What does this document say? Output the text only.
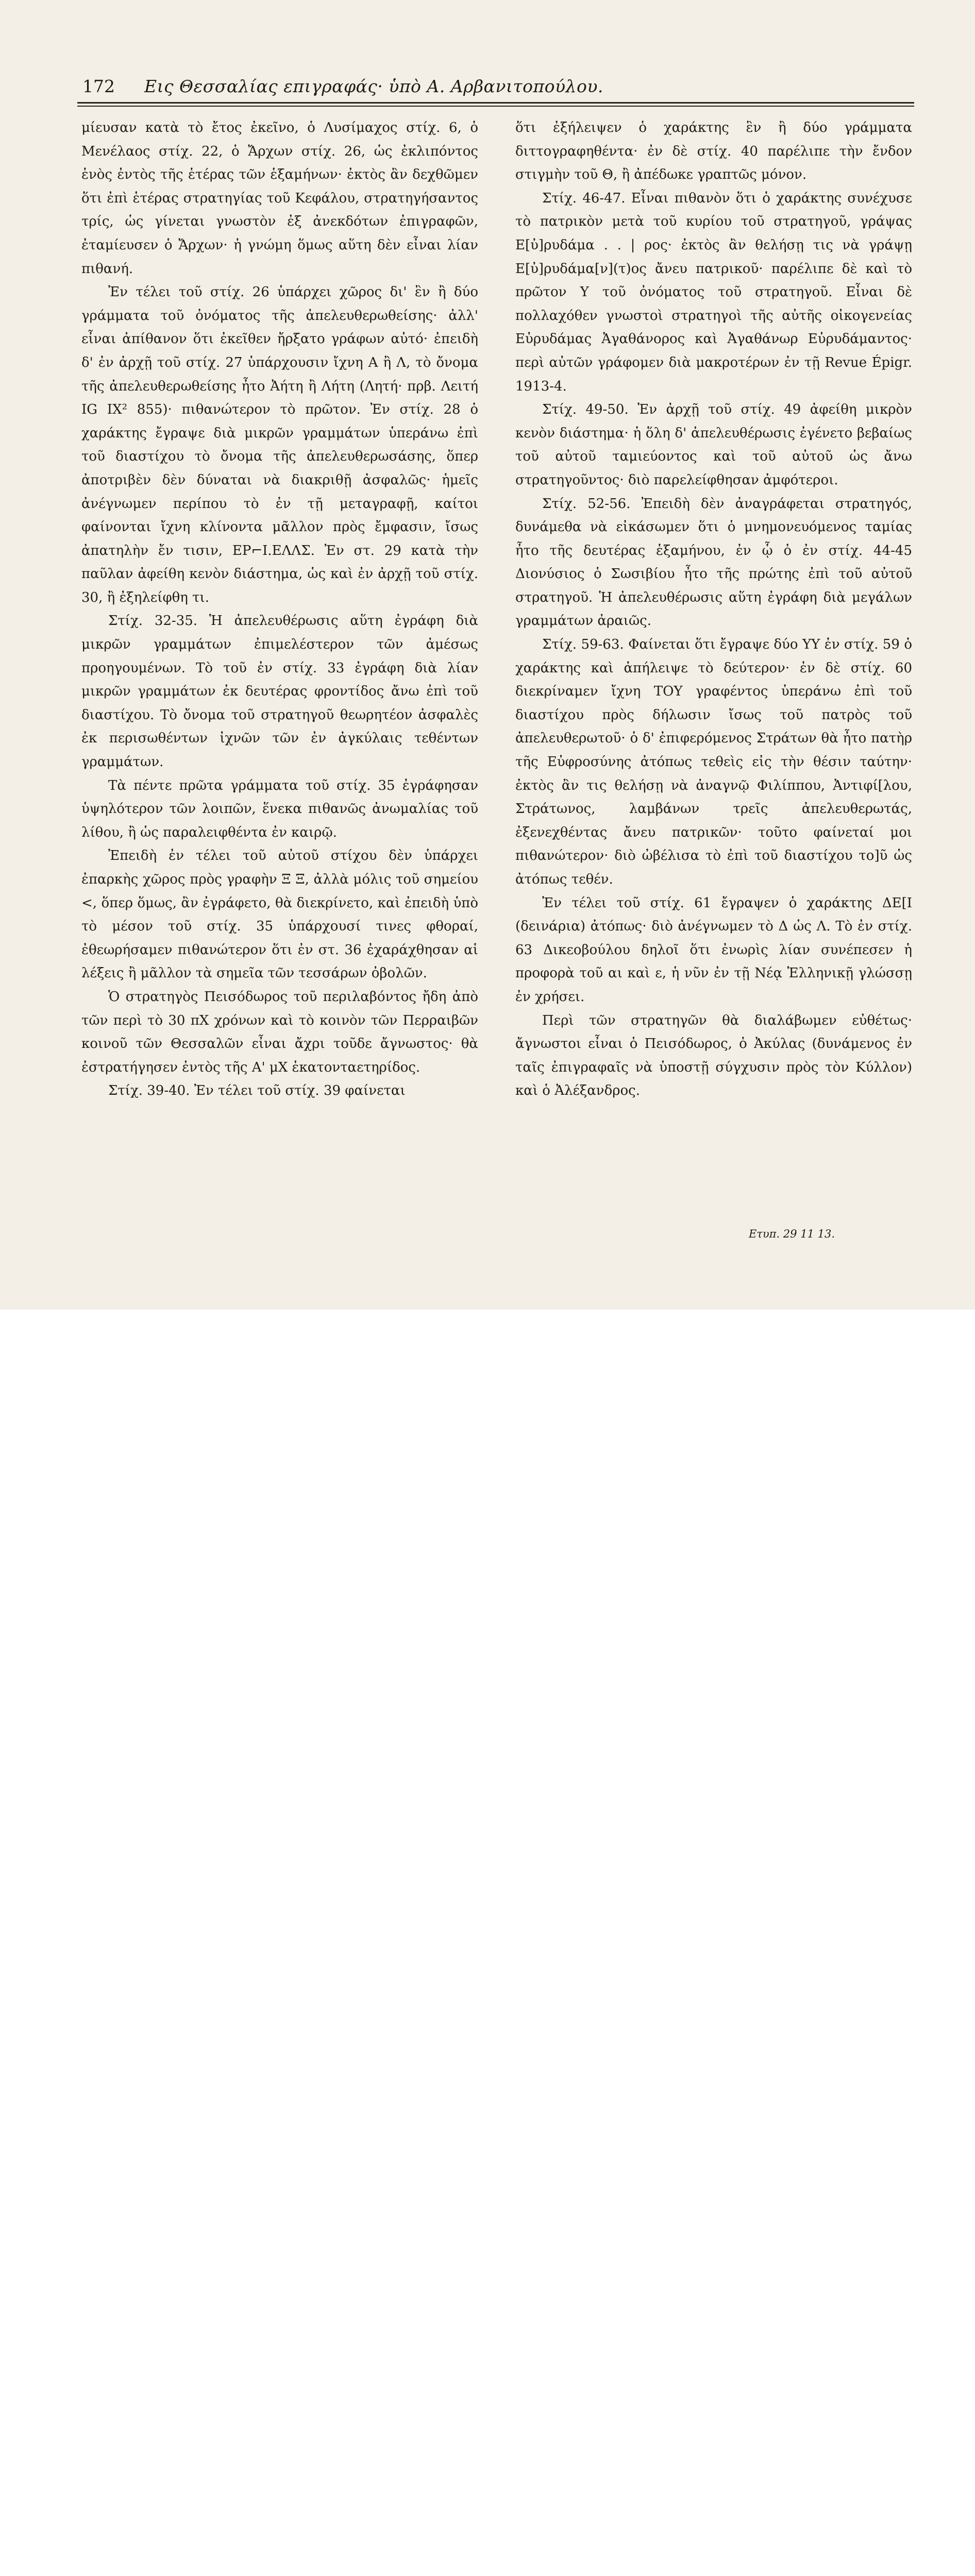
172 Εις Θεσσαλίας επιγραφάς· ὑπὸ Α. Αρβανιτοπούλου.

μίευσαν κατὰ τὸ ἔτος ἐκεῖνο, ὁ Λυσίμαχος στίχ. 6, ὁ Μενέλαος στίχ. 22, ὁ Ἄρχων στίχ. 26, ὡς ἐκλιπόντος ἑνὸς ἐντὸς τῆς ἑτέρας τῶν ἑξαμήνων· ἐκτὸς ἂν δεχθῶμεν ὅτι ἐπὶ ἑτέρας στρατηγίας τοῦ Κεφάλου, στρατηγήσαντος τρίς, ὡς γίνεται γνωστὸν ἐξ ἀνεκδότων ἐπιγραφῶν, ἐταμίευσεν ὁ Ἄρχων· ἡ γνώμη ὅμως αὕτη δὲν εἶναι λίαν πιθανή.

Ἐν τέλει τοῦ στίχ. 26 ὑπάρχει χῶρος δι' ἓν ἢ δύο γράμματα τοῦ ὀνόματος τῆς ἀπελευθερωθείσης· ἀλλ' εἶναι ἀπίθανον ὅτι ἐκεῖθεν ἤρξατο γράφων αὐτό· ἐπειδὴ δ' ἐν ἀρχῇ τοῦ στίχ. 27 ὑπάρχουσιν ἴχνη Α ἢ Λ, τὸ ὄνομα τῆς ἀπελευθερωθείσης ἦτο Ἀήτη ἢ Λήτη (Λητή· πρβ. Λειτή IG IX² 855)· πιθανώτερον τὸ πρῶτον. Ἐν στίχ. 28 ὁ χαράκτης ἔγραψε διὰ μικρῶν γραμμάτων ὑπεράνω ἐπὶ τοῦ διαστίχου τὸ ὄνομα τῆς ἀπελευθερωσάσης, ὅπερ ἀποτριβὲν δὲν δύναται νὰ διακριθῇ ἀσφαλῶς· ἡμεῖς ἀνέγνωμεν περίπου τὸ ἐν τῇ μεταγραφῇ, καίτοι φαίνονται ἴχνη κλίνοντα μᾶλλον πρὸς ἔμφασιν, ἴσως ἀπατηλὴν ἔν τισιν, ΕΡ⌐Ι.ΕΛΛΣ. Ἐν στ. 29 κατὰ τὴν παῦλαν ἀφείθη κενὸν διάστημα, ὡς καὶ ἐν ἀρχῇ τοῦ στίχ. 30, ἢ ἐξηλείφθη τι.

Στίχ. 32-35. Ἡ ἀπελευθέρωσις αὕτη ἐγράφη διὰ μικρῶν γραμμάτων ἐπιμελέστερον τῶν ἀμέσως προηγουμένων. Τὸ τοῦ ἐν στίχ. 33 ἐγράφη διὰ λίαν μικρῶν γραμμάτων ἐκ δευτέρας φροντίδος ἄνω ἐπὶ τοῦ διαστίχου. Τὸ ὄνομα τοῦ στρατηγοῦ θεωρητέον ἀσφαλὲς ἐκ περισωθέντων ἰχνῶν τῶν ἐν ἀγκύλαις τεθέντων γραμμάτων.

Τὰ πέντε πρῶτα γράμματα τοῦ στίχ. 35 ἐγράφησαν ὑψηλότερον τῶν λοιπῶν, ἕνεκα πιθανῶς ἀνωμαλίας τοῦ λίθου, ἢ ὡς παραλειφθέντα ἐν καιρῷ.

Ἐπειδὴ ἐν τέλει τοῦ αὐτοῦ στίχου δὲν ὑπάρχει ἐπαρκὴς χῶρος πρὸς γραφὴν Ξ Ξ, ἀλλὰ μόλις τοῦ σημείου <, ὅπερ ὅμως, ἂν ἐγράφετο, θὰ διεκρίνετο, καὶ ἐπειδὴ ὑπὸ τὸ μέσον τοῦ στίχ. 35 ὑπάρχουσί τινες φθοραί, ἐθεωρήσαμεν πιθανώτερον ὅτι ἐν στ. 36 ἐχαράχθησαν αἱ λέξεις ἢ μᾶλλον τὰ σημεῖα τῶν τεσσάρων ὀβολῶν.

Ὁ στρατηγὸς Πεισόδωρος τοῦ περιλαβόντος ἤδη ἀπὸ τῶν περὶ τὸ 30 πΧ χρόνων καὶ τὸ κοινὸν τῶν Περραιβῶν κοινοῦ τῶν Θεσσαλῶν εἶναι ἄχρι τοῦδε ἄγνωστος· θὰ ἐστρατήγησεν ἐντὸς τῆς Α' μΧ ἑκατονταετηρίδος.

Στίχ. 39-40. Ἐν τέλει τοῦ στίχ. 39 φαίνεται

ὅτι ἐξήλειψεν ὁ χαράκτης ἓν ἢ δύο γράμματα διττογραφηθέντα· ἐν δὲ στίχ. 40 παρέλιπε τὴν ἔνδον στιγμὴν τοῦ Θ, ἢ ἀπέδωκε γραπτῶς μόνον.

Στίχ. 46-47. Εἶναι πιθανὸν ὅτι ὁ χαράκτης συνέχυσε τὸ πατρικὸν μετὰ τοῦ κυρίου τοῦ στρατηγοῦ, γράψας Ε[ὐ]ρυδάμα . . | ρος· ἐκτὸς ἂν θελήσῃ τις νὰ γράψῃ Ε[ὐ]ρυδάμα[ν](τ)ος ἄνευ πατρικοῦ· παρέλιπε δὲ καὶ τὸ πρῶτον Υ τοῦ ὀνόματος τοῦ στρατηγοῦ. Εἶναι δὲ πολλαχόθεν γνωστοὶ στρατηγοὶ τῆς αὐτῆς οἰκογενείας Εὐρυδάμας Ἀγαθάνορος καὶ Ἀγαθάνωρ Εὐρυδάμαντος· περὶ αὐτῶν γράφομεν διὰ μακροτέρων ἐν τῇ Revue Épigr. 1913-4.

Στίχ. 49-50. Ἐν ἀρχῇ τοῦ στίχ. 49 ἀφείθη μικρὸν κενὸν διάστημα· ἡ ὅλη δ' ἀπελευθέρωσις ἐγένετο βεβαίως τοῦ αὐτοῦ ταμιεύοντος καὶ τοῦ αὐτοῦ ὡς ἄνω στρατηγοῦντος· διὸ παρελείφθησαν ἀμφότεροι.

Στίχ. 52-56. Ἐπειδὴ δὲν ἀναγράφεται στρατηγός, δυνάμεθα νὰ εἰκάσωμεν ὅτι ὁ μνημονευόμενος ταμίας ἦτο τῆς δευτέρας ἑξαμήνου, ἐν ᾧ ὁ ἐν στίχ. 44-45 Διονύσιος ὁ Σωσιβίου ἦτο τῆς πρώτης ἐπὶ τοῦ αὐτοῦ στρατηγοῦ. Ἡ ἀπελευθέρωσις αὕτη ἐγράφη διὰ μεγάλων γραμμάτων ἀραιῶς.

Στίχ. 59-63. Φαίνεται ὅτι ἔγραψε δύο ΥΥ ἐν στίχ. 59 ὁ χαράκτης καὶ ἀπήλειψε τὸ δεύτερον· ἐν δὲ στίχ. 60 διεκρίναμεν ἴχνη ΤΟΥ γραφέντος ὑπεράνω ἐπὶ τοῦ διαστίχου πρὸς δήλωσιν ἴσως τοῦ πατρὸς τοῦ ἀπελευθερωτοῦ· ὁ δ' ἐπιφερόμενος Στράτων θὰ ἦτο πατὴρ τῆς Εὐφροσύνης ἀτόπως τεθεὶς εἰς τὴν θέσιν ταύτην· ἐκτὸς ἂν τις θελήσῃ νὰ ἀναγνῷ Φιλίππου, Ἀντιφί[λου, Στράτωνος, λαμβάνων τρεῖς ἀπελευθερωτάς, ἐξενεχθέντας ἄνευ πατρικῶν· τοῦτο φαίνεταί μοι πιθανώτερον· διὸ ὠβέλισα τὸ ἐπὶ τοῦ διαστίχου το]ῦ ὡς ἀτόπως τεθέν.

Ἐν τέλει τοῦ στίχ. 61 ἔγραψεν ὁ χαράκτης ΔΕ[Ι (δεινάρια) ἀτόπως· διὸ ἀνέγνωμεν τὸ Δ ὡς Λ. Τὸ ἐν στίχ. 63 Δικεοβούλου δηλοῖ ὅτι ἐνωρὶς λίαν συνέπεσεν ἡ προφορὰ τοῦ αι καὶ ε, ἡ νῦν ἐν τῇ Νέᾳ Ἑλληνικῇ γλώσσῃ ἐν χρήσει.

Περὶ τῶν στρατηγῶν θὰ διαλάβωμεν εὐθέτως· ἄγνωστοι εἶναι ὁ Πεισόδωρος, ὁ Ἀκύλας (δυνάμενος ἐν ταῖς ἐπιγραφαῖς νὰ ὑποστῇ σύγχυσιν πρὸς τὸν Κύλλον) καὶ ὁ Ἀλέξανδρος.

Ετυπ. 29 11 13.
